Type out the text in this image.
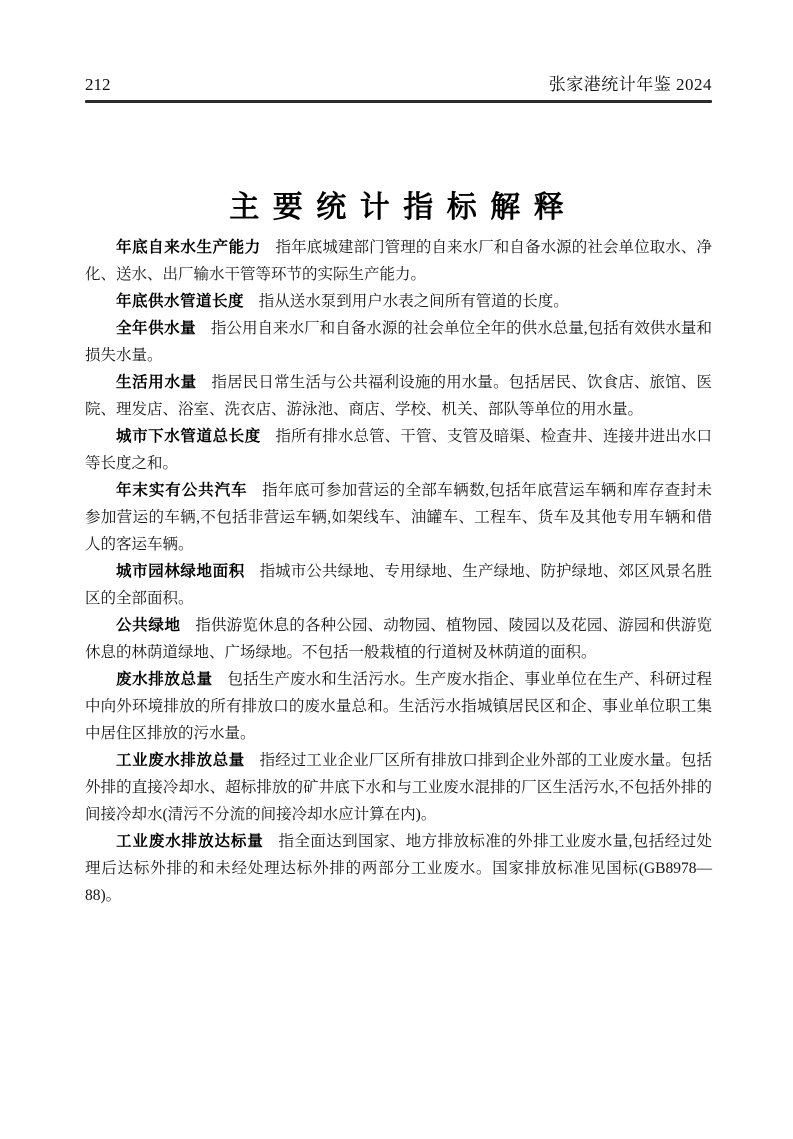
212	张家港统计年鉴 2024
主要统计指标解释

年底自来水生产能力 指年底城建部门管理的自来水厂和自备水源的社会单位取水、净化、送水、出厂输水干管等环节的实际生产能力。

年底供水管道长度 指从送水泵到用户水表之间所有管道的长度。

全年供水量 指公用自来水厂和自备水源的社会单位全年的供水总量,包括有效供水量和损失水量。

生活用水量 指居民日常生活与公共福利设施的用水量。包括居民、饮食店、旅馆、医院、理发店、浴室、洗衣店、游泳池、商店、学校、机关、部队等单位的用水量。

城市下水管道总长度 指所有排水总管、干管、支管及暗渠、检查井、连接井进出水口等长度之和。

年末实有公共汽车 指年底可参加营运的全部车辆数,包括年底营运车辆和库存查封未参加营运的车辆,不包括非营运车辆,如架线车、油罐车、工程车、货车及其他专用车辆和借人的客运车辆。

城市园林绿地面积 指城市公共绿地、专用绿地、生产绿地、防护绿地、郊区风景名胜区的全部面积。

公共绿地 指供游览休息的各种公园、动物园、植物园、陵园以及花园、游园和供游览休息的林荫道绿地、广场绿地。不包括一般栽植的行道树及林荫道的面积。

废水排放总量 包括生产废水和生活污水。生产废水指企、事业单位在生产、科研过程中向外环境排放的所有排放口的废水量总和。生活污水指城镇居民区和企、事业单位职工集中居住区排放的污水量。

工业废水排放总量 指经过工业企业厂区所有排放口排到企业外部的工业废水量。包括外排的直接冷却水、超标排放的矿井底下水和与工业废水混排的厂区生活污水,不包括外排的间接冷却水(清污不分流的间接冷却水应计算在内)。

工业废水排放达标量 指全面达到国家、地方排放标准的外排工业废水量,包括经过处理后达标外排的和未经处理达标外排的两部分工业废水。国家排放标准见国标(GB8978—88)。
